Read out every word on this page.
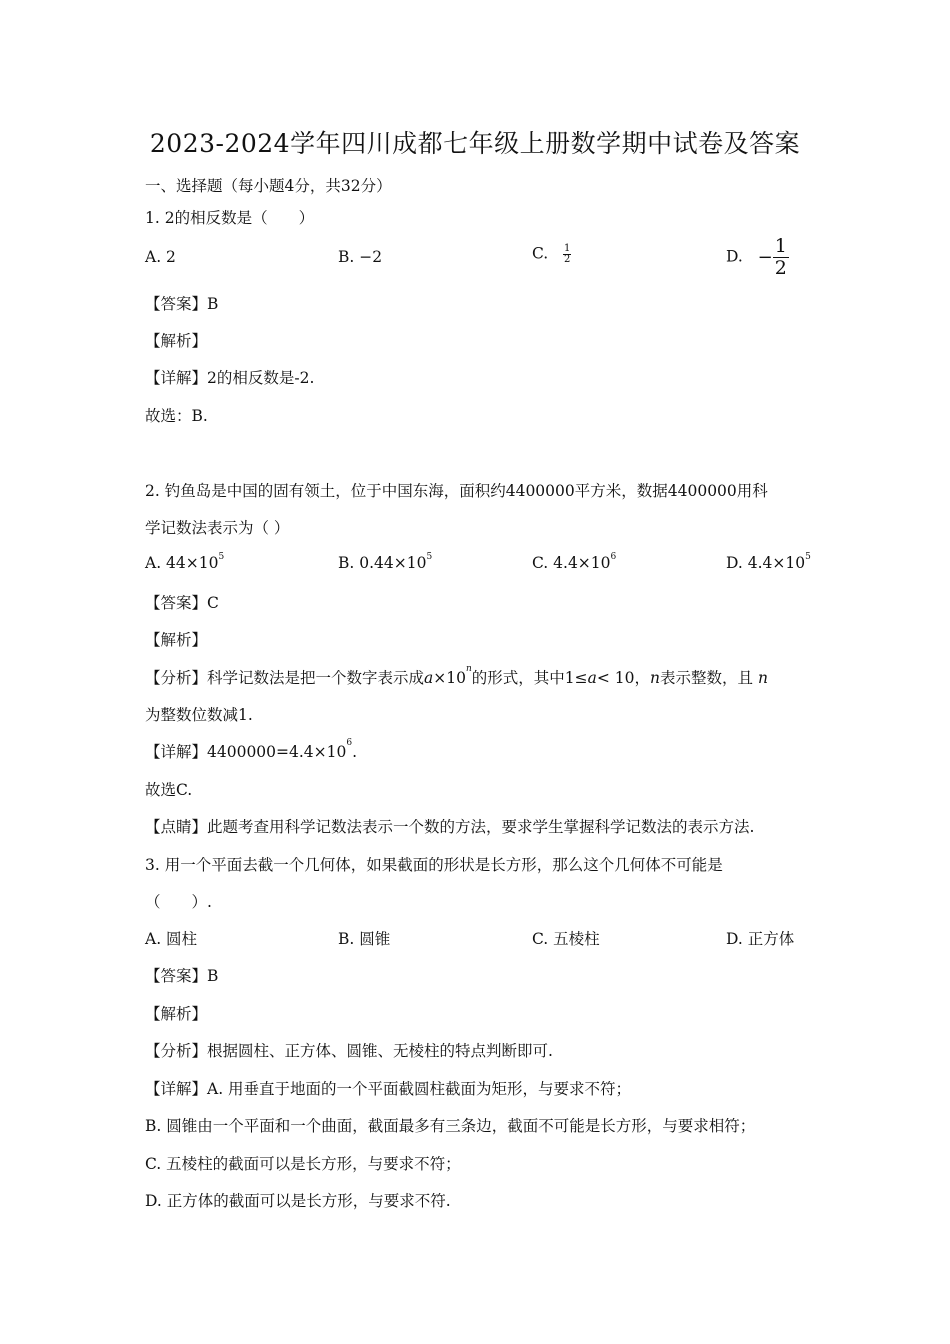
2023-2024学年四川成都七年级上册数学期中试卷及答案
一、选择题（每小题4分，共32分）
1. 2的相反数是（　　）
A. 2	B. −2	C. $\frac{1}{2}$	D. − $\frac{1}{2}$
【答案】B
【解析】
【详解】2的相反数是-2.
故选：B.
2. 钓鱼岛是中国的固有领土，位于中国东海，面积约4400000平方米，数据4400000用科
学记数法表示为（ ）
A. $44\times 10^5$	B. $0.44\times 10^5$	C. $4.4\times 10^6$	D. $4.4\times 10^5$
【答案】C
【解析】
【分析】科学记数法是把一个数字表示成$a\times 10^n$的形式，其中1≤a< 10，n表示整数，且 n
为整数位数减1.
【详解】$4400000=4.4\times 10^6$.
故选C.
【点睛】此题考查用科学记数法表示一个数的方法，要求学生掌握科学记数法的表示方法.
3. 用一个平面去截一个几何体，如果截面的形状是长方形，那么这个几何体不可能是
（　　）.
A. 圆柱	B. 圆锥	C. 五棱柱	D. 正方体
【答案】B
【解析】
【分析】根据圆柱、正方体、圆锥、无棱柱的特点判断即可.
【详解】A. 用垂直于地面的一个平面截圆柱截面为矩形，与要求不符；
B. 圆锥由一个平面和一个曲面，截面最多有三条边，截面不可能是长方形，与要求相符；
C. 五棱柱的截面可以是长方形，与要求不符；
D. 正方体的截面可以是长方形，与要求不符.
